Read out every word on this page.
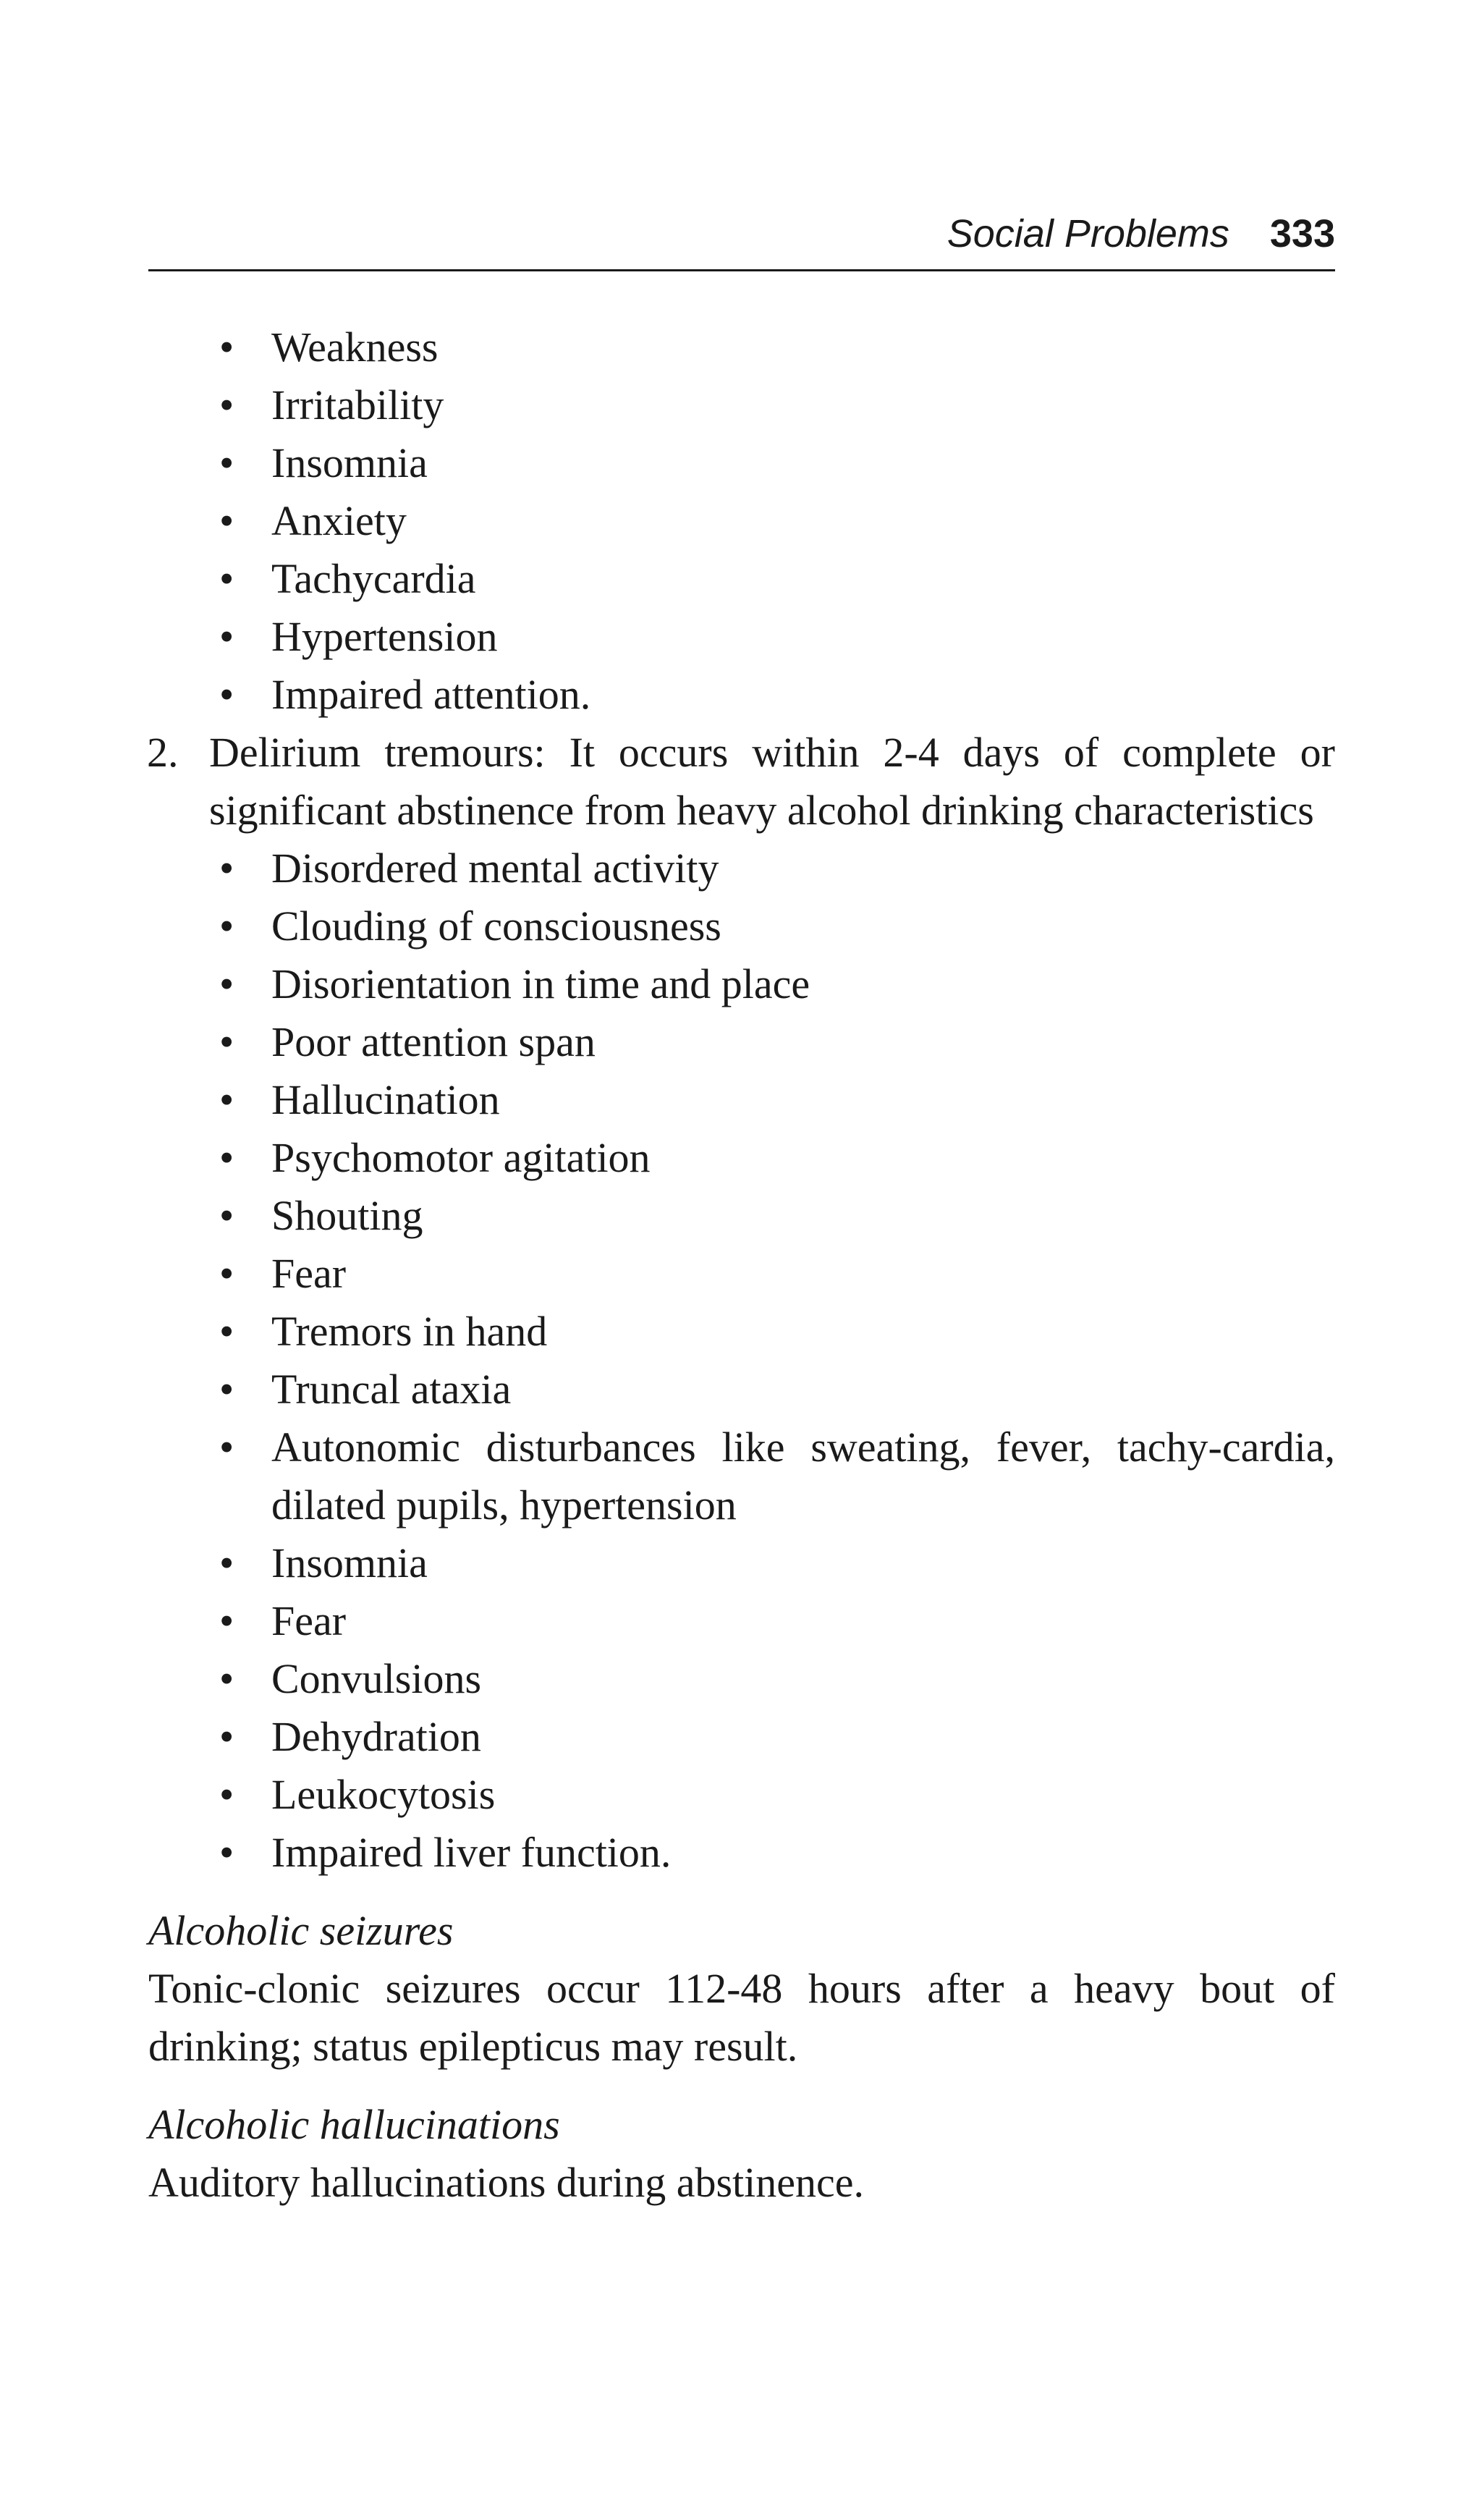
Social Problems 333
• Weakness
• Irritability
• Insomnia
• Anxiety
• Tachycardia
• Hypertension
• Impaired attention.
2. Delirium tremours: It occurs within 2-4 days of complete or significant abstinence from heavy alcohol drinking characteristics
• Disordered mental activity
• Clouding of consciousness
• Disorientation in time and place
• Poor attention span
• Hallucination
• Psychomotor agitation
• Shouting
• Fear
• Tremors in hand
• Truncal ataxia
• Autonomic disturbances like sweating, fever, tachy-cardia, dilated pupils, hypertension
• Insomnia
• Fear
• Convulsions
• Dehydration
• Leukocytosis
• Impaired liver function.
Alcoholic seizures

Tonic-clonic seizures occur 112-48 hours after a heavy bout of drinking; status epilepticus may result.

Alcoholic hallucinations

Auditory hallucinations during abstinence.
